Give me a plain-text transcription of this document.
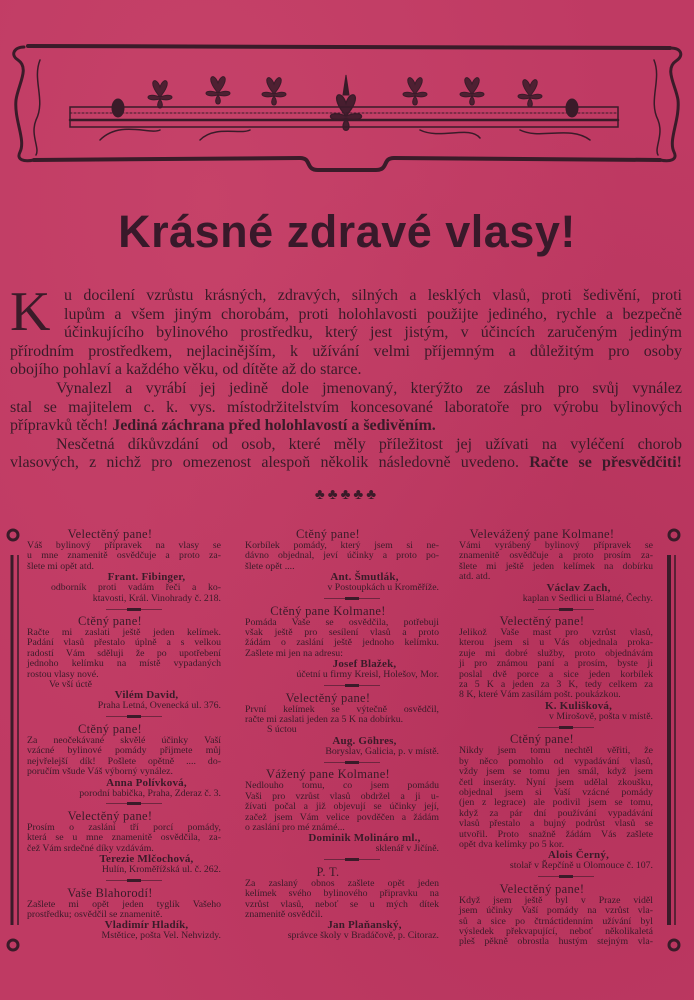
Krásné zdravé vlasy!
K u docilení vzrůstu krásných, zdravých, silných a lesklých vlasů, proti šedivění, proti
lupům a všem jiným chorobám, proti holohlavosti použijte jediného, rychle a bezpečně
účinkujícího bylinového prostředku, který jest jistým, v účincích zaručeným jediným
přírodním prostředkem, nejlacinějším, k užívání velmi příjemným a důležitým pro osoby
obojího pohlaví a každého věku, od dítěte až do starce.
Vynalezl a vyrábí jej jedině dole jmenovaný, kterýžto ze zásluh pro svůj vynález
stal se majitelem c. k. vys. místodržitelstvím koncesované laboratoře pro výrobu bylinových
přípravků těch! Jediná záchrana před holohlavostí a šedivěním.
Nesčetná díkůvzdání od osob, které měly příležitost jej užívati na vyléčení chorob
vlasových, z nichž pro omezenost alespoň několik následovně uvedeno. Račte se přesvědčiti!
♣♣♣♣♣
Velectěný pane!
Váš bylinový přípravek na vlasy se
u mne znamenitě osvědčuje a proto za-
šlete mi opět atd.
Frant. Fibinger,
odborník proti vadám řeči a ko-
ktavosti, Král. Vinohrady č. 218.
Ctěný pane!
Račte mi zaslati ještě jeden kelímek.
Padání vlasů přestalo úplně a s velkou
radostí Vám sděluji že po upotřebení
jednoho kelímku na místě vypadaných
rostou vlasy nové.
Ve vší úctě
Vilém David,
Praha Letná, Ovenecká ul. 376.
Ctěný pane!
Za neočekávané skvělé účinky Vaší
vzácné bylinové pomády přijmete můj
nejvřelejší dík! Pošlete opětně .... do-
poručím všude Váš výborný vynález.
Anna Polívková,
porodní babička, Praha, Zderaz č. 3.
Velectěný pane!
Prosím o zaslání tří porcí pomády,
která se u mne znamenitě osvědčila, za-
čež Vám srdečné díky vzdávám.
Terezie Mlčochová,
Hulín, Kroměřížská ul. č. 262.
Vaše Blahorodí!
Zašlete mi opět jeden tyglík Vašeho
prostředku; osvědčil se znamenitě.
Vladimír Hladík,
Mstětice, pošta Vel. Nehvizdy.
Ctěný pane!
Korbílek pomády, který jsem si ne-
dávno objednal, jeví účinky a proto po-
šlete opět ....
Ant. Šmutlák,
v Postoupkách u Kroměříže.
Ctěný pane Kolmane!
Pomáda Vaše se osvědčila, potřebuji
však ještě pro sesílení vlasů a proto
žádám o zaslání ještě jednoho kelímku.
Zašlete mi jen na adresu:
Josef Blažek,
účetní u firmy Kreisl, Holešov, Mor.
Velectěný pane!
První kelímek se výtečně osvědčil,
račte mi zaslati jeden za 5 K na dobírku.
S úctou
Aug. Göhres,
Boryslav, Galicia, p. v místě.
Vážený pane Kolmane!
Nedlouho tomu, co jsem pomádu
Vaši pro vzrůst vlasů obdržel a ji u-
žívati počal a již objevují se účinky její,
začež jsem Vám velice povděčen a žádám
o zaslání pro mé známé...
Dominik Molináro ml.,
sklenář v Jičíně.
P. T.
Za zaslaný obnos zašlete opět jeden
kelímek svého bylinového připravku na
vzrůst vlasů, neboť se u mých dítek
znamenitě osvědčil.
Jan Plaňanský,
správce školy v Bradáčově, p. Citoraz.
Velevážený pane Kolmane!
Vámi vyrábený bylinový přípravek se
znamenitě osvědčuje a proto prosím za-
šlete mi ještě jeden kelímek na dobírku
atd. atd.
Václav Zach,
kaplan v Sedlici u Blatné, Čechy.
Velectěný pane!
Jelikož Vaše mast pro vzrůst vlasů,
kterou jsem si u Vás objednala proka-
zuje mi dobré služby, proto objednávám
ji pro známou paní a prosím, byste ji
poslal dvě porce a sice jeden korbílek
za 5 K a jeden za 3 K, tedy celkem za
8 K, které Vám zasílám pošt. poukázkou.
K. Kulišková,
v Mirošově, pošta v místě.
Ctěný pane!
Nikdy jsem tomu nechtěl věřiti, že
by něco pomohlo od vypadávání vlasů,
vždy jsem se tomu jen smál, když jsem
četl inseráty. Nyní jsem udělal zkoušku,
objednal jsem si Vaší vzácné pomády
(jen z legrace) ale podivil jsem se tomu,
když za pár dní používání vypadávání
vlasů přestalo a bujný podrůst vlasů se
utvořil. Proto snažně žádám Vás zašlete
opět dva kelímky po 5 kor.
Alois Černý,
stolař v Řepčíně u Olomouce č. 107.
Velectěný pane!
Když jsem ještě byl v Praze viděl
jsem účinky Vaší pomády na vzrůst vla-
sů a sice po čtrnáctidenním užívání byl
výsledek překvapující, neboť několikaletá
pleš pěkně obrostla hustým stejným vla-
